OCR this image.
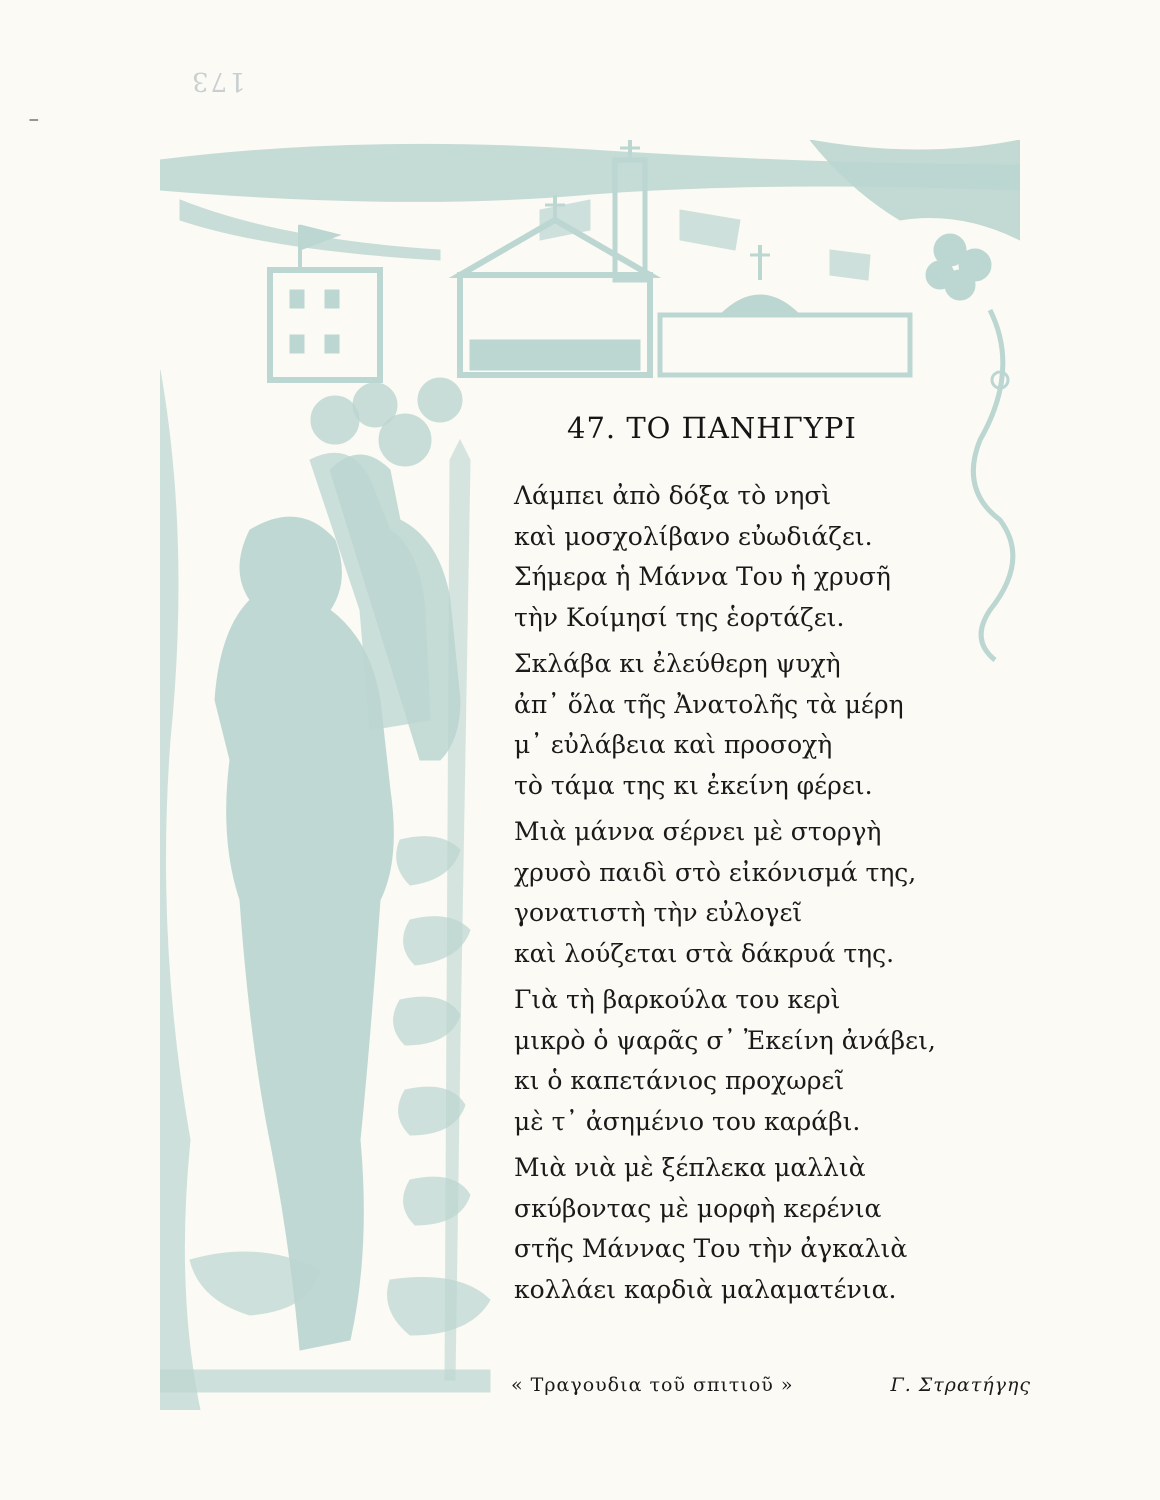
⁻
173
47. ΤΟ ΠΑΝΗΓΥΡΙ
Λάμπει ἀπὸ δόξα τὸ νησὶ
καὶ μοσχολίβανο εὐωδιάζει.
Σήμερα ἡ Μάννα Του ἡ χρυσῆ
τὴν Κοίμησί της ἑορτάζει.
Σκλάβα κι ἐλεύθερη ψυχὴ
ἀπ᾽ ὅλα τῆς Ἀνατολῆς τὰ μέρη
μ᾽ εὐλάβεια καὶ προσοχὴ
τὸ τάμα της κι ἐκείνη φέρει.
Μιὰ μάννα σέρνει μὲ στοργὴ
χρυσὸ παιδὶ στὸ εἰκόνισμά της,
γονατιστὴ τὴν εὐλογεῖ
καὶ λούζεται στὰ δάκρυά της.
Γιὰ τὴ βαρκούλα του κερὶ
μικρὸ ὁ ψαρᾶς σ᾽ Ἐκείνη ἀνάβει,
κι ὁ καπετάνιος προχωρεῖ
μὲ τ᾽ ἀσημένιο του καράβι.
Μιὰ νιὰ μὲ ξέπλεκα μαλλιὰ
σκύβοντας μὲ μορφὴ κερένια
στῆς Μάννας Του τὴν ἀγκαλιὰ
κολλάει καρδιὰ μαλαματένια.
« Τραγουδια τοῦ σπιτιοῦ »	Γ. Στρατήγης
